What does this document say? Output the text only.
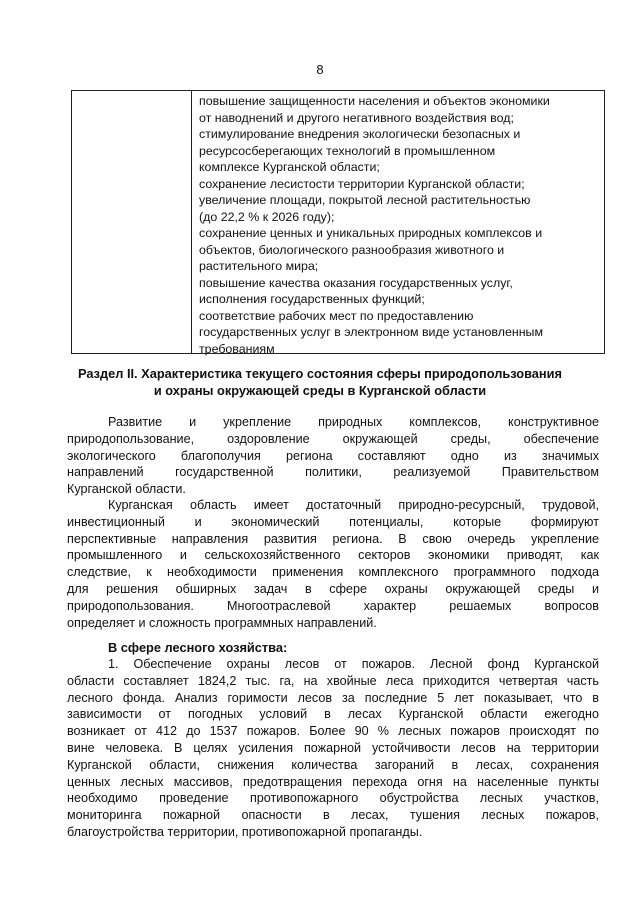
8
повышение защищенности населения и объектов экономики
от наводнений и другого негативного воздействия вод;
стимулирование внедрения экологически безопасных и
ресурсосберегающих технологий в промышленном
комплексе Курганской области;
сохранение лесистости территории Курганской области;
увеличение площади, покрытой лесной растительностью
(до 22,2 % к 2026 году);
сохранение ценных и уникальных природных комплексов и
объектов, биологического разнообразия животного и
растительного мира;
повышение качества оказания государственных услуг,
исполнения государственных функций;
соответствие рабочих мест по предоставлению
государственных услуг в электронном виде установленным
требованиям
Раздел II. Характеристика текущего состояния сферы природопользования
и охраны окружающей среды в Курганской области
Развитие и укрепление природных комплексов, конструктивное
природопользование, оздоровление окружающей среды, обеспечение
экологического благополучия региона составляют одно из значимых
направлений государственной политики, реализуемой Правительством
Курганской области.
Курганская область имеет достаточный природно-ресурсный, трудовой,
инвестиционный и экономический потенциалы, которые формируют
перспективные направления развития региона. В свою очередь укрепление
промышленного и сельскохозяйственного секторов экономики приводят, как
следствие, к необходимости применения комплексного программного подхода
для решения обширных задач в сфере охраны окружающей среды и
природопользования. Многоотраслевой характер решаемых вопросов
определяет и сложность программных направлений.
В сфере лесного хозяйства:
1. Обеспечение охраны лесов от пожаров. Лесной фонд Курганской
области составляет 1824,2 тыс. га, на хвойные леса приходится четвертая часть
лесного фонда. Анализ горимости лесов за последние 5 лет показывает, что в
зависимости от погодных условий в лесах Курганской области ежегодно
возникает от 412 до 1537 пожаров. Более 90 % лесных пожаров происходят по
вине человека. В целях усиления пожарной устойчивости лесов на территории
Курганской области, снижения количества загораний в лесах, сохранения
ценных лесных массивов, предотвращения перехода огня на населенные пункты
необходимо проведение противопожарного обустройства лесных участков,
мониторинга пожарной опасности в лесах, тушения лесных пожаров,
благоустройства территории, противопожарной пропаганды.
